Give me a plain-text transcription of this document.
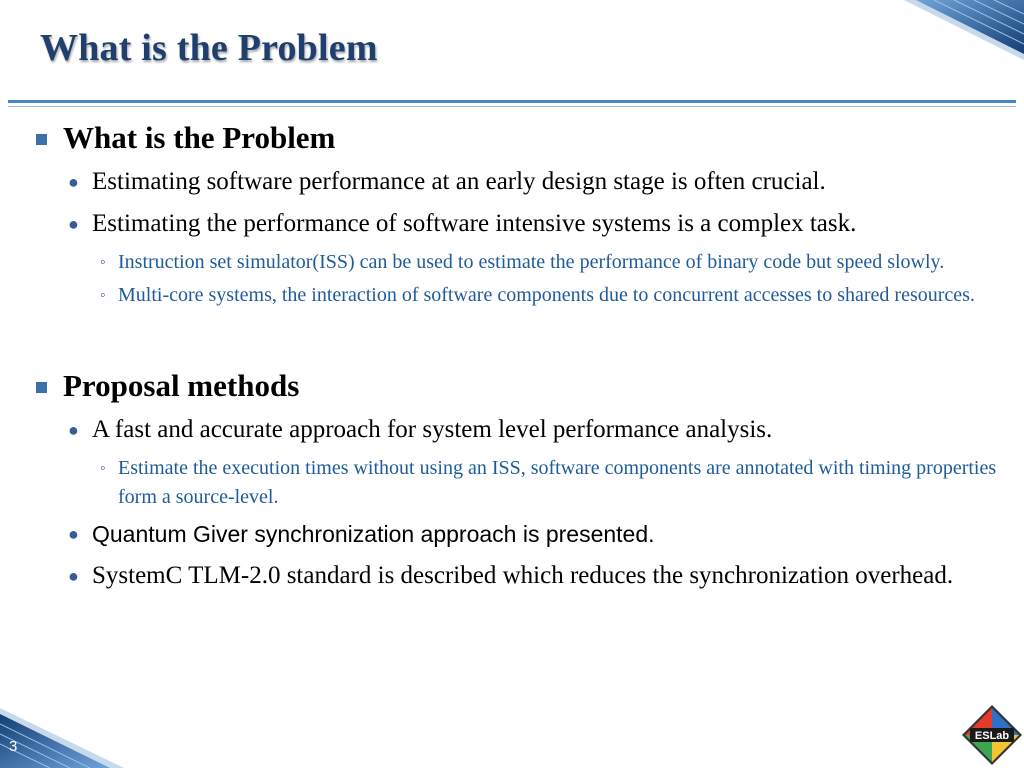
What is the Problem
What is the Problem
● Estimating software performance at an early design stage is often crucial.
● Estimating the performance of software intensive systems is a complex task.
◦ Instruction set simulator(ISS) can be used to estimate the performance of binary code but speed slowly.
◦ Multi-core systems, the interaction of software components due to concurrent accesses to shared resources.
Proposal methods
● A fast and accurate approach for system level performance analysis.
◦ Estimate the execution times without using an ISS, software components are annotated with timing properties form a source-level.
● Quantum Giver synchronization approach is presented.
● SystemC TLM-2.0 standard is described which reduces the synchronization overhead.
3
ESLab
